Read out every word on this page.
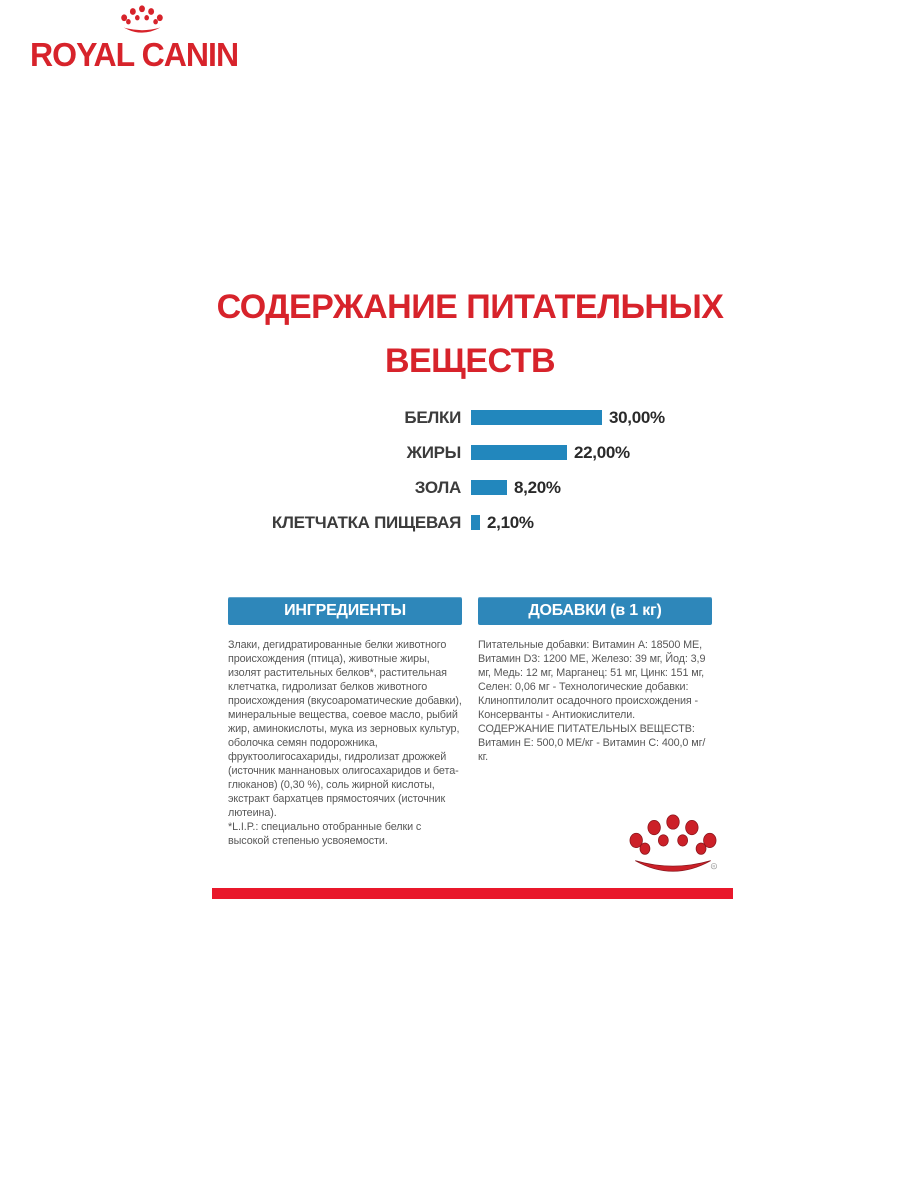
ROYAL CANIN
СОДЕРЖАНИЕ ПИТАТЕЛЬНЫХ
ВЕЩЕСТВ
БЕЛКИ	30,00%
ЖИРЫ	22,00%
ЗОЛА	8,20%
КЛЕТЧАТКА ПИЩЕВАЯ 2,10%
ИНГРЕДИЕНТЫ
Злаки, дегидратированные белки животного происхождения (птица), животные жиры, изолят растительных белков*, растительная клетчатка, гидролизат белков животного происхождения (вкусоароматические добавки), минеральные вещества, соевое масло, рыбий жир, аминокислоты, мука из зерновых культур, оболочка семян подорожника, фруктоолигосахариды, гидролизат дрожжей (источник маннановых олигосахаридов и бета-глюканов) (0,30 %), соль жирной кислоты, экстракт бархатцев прямостоячих (источник лютеина).
*L.I.P.: специально отобранные белки с высокой степенью усвояемости.
ДОБАВКИ (в 1 кг)
Питательные добавки: Витамин A: 18500 ME, Витамин D3: 1200 ME, Железо: 39 мг, Йод: 3,9 мг, Медь: 12 мг, Марганец: 51 мг, Цинк: 151 мг, Селен: 0,06 мг - Технологические добавки: Клиноптилолит осадочного происхождения - Консерванты - Антиокислители. СОДЕРЖАНИЕ ПИТАТЕЛЬНЫХ ВЕЩЕСТВ: Витамин E: 500,0 МЕ/кг - Витамин C: 400,0 мг/кг.
R
